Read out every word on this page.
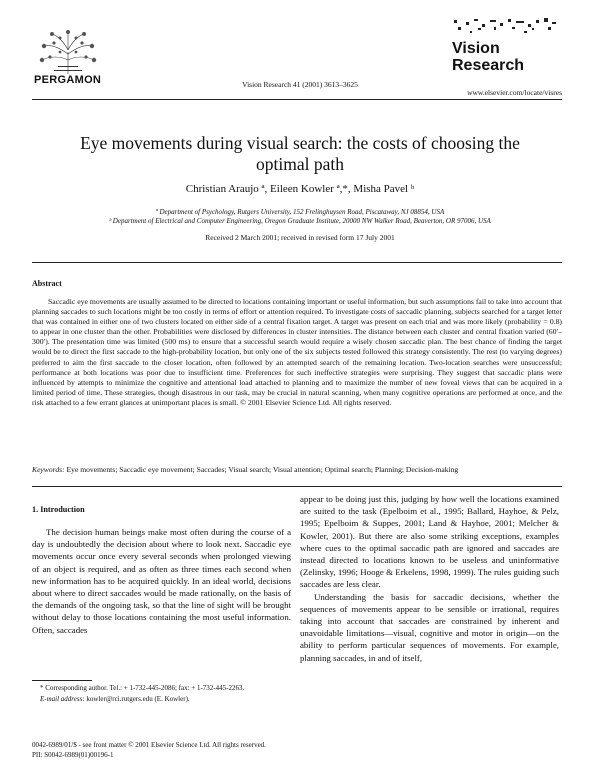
PERGAMON	Vision Research 41 (2001) 3613–3625
Vision
Research
www.elsevier.com/locate/visres
Eye movements during visual search: the costs of choosing the
optimal path
Christian Araujo ª, Eileen Kowler ª,*, Misha Pavel ᵇ
ª Department of Psychology, Rutgers University, 152 Frelinghuysen Road, Piscataway, NJ 08854, USA
ᵇ Department of Electrical and Computer Engineering, Oregon Graduate Institute, 20000 NW Walker Road, Beaverton, OR 97006, USA
Received 2 March 2001; received in revised form 17 July 2001
Abstract

Saccadic eye movements are usually assumed to be directed to locations containing important or useful information, but such assumptions fail to take into account that planning saccades to such locations might be too costly in terms of effort or attention required. To investigate costs of saccadic planning, subjects searched for a target letter that was contained in either one of two clusters located on either side of a central fixation target. A target was present on each trial and was more likely (probability = 0.8) to appear in one cluster than the other. Probabilities were disclosed by differences in cluster intensities. The distance between each cluster and central fixation varied (60′–300′). The presentation time was limited (500 ms) to ensure that a successful search would require a wisely chosen saccadic plan. The best chance of finding the target would be to direct the first saccade to the high-probability location, but only one of the six subjects tested followed this strategy consistently. The rest (to varying degrees) preferred to aim the first saccade to the closer location, often followed by an attempted search of the remaining location. Two-location searches were unsuccessful; performance at both locations was poor due to insufficient time. Preferences for such ineffective strategies were surprising. They suggest that saccadic plans were influenced by attempts to minimize the cognitive and attentional load attached to planning and to maximize the number of new foveal views that can be acquired in a limited period of time. These strategies, though disastrous in our task, may be crucial in natural scanning, when many cognitive operations are performed at once, and the risk attached to a few errant glances at unimportant places is small. © 2001 Elsevier Science Ltd. All rights reserved.

Keywords: Eye movements; Saccadic eye movement; Saccades; Visual search; Visual attention; Optimal search; Planning; Decision-making
1. Introduction

The decision human beings make most often during the course of a day is undoubtedly the decision about where to look next. Saccadic eye movements occur once every several seconds when prolonged viewing of an object is required, and as often as three times each second when new information has to be acquired quickly. In an ideal world, decisions about where to direct saccades would be made rationally, on the basis of the demands of the ongoing task, so that the line of sight will be brought without delay to those locations containing the most useful information. Often, saccades

appear to be doing just this, judging by how well the locations examined are suited to the task (Epelboim et al., 1995; Ballard, Hayhoe, & Pelz, 1995; Epelboim & Suppes, 2001; Land & Hayhoe, 2001; Melcher & Kowler, 2001). But there are also some striking exceptions, examples where cues to the optimal saccadic path are ignored and saccades are instead directed to locations known to be useless and uninformative (Zelinsky, 1996; Hooge & Erkelens, 1998, 1999). The rules guiding such saccades are less clear.

Understanding the basis for saccadic decisions, whether the sequences of movements appear to be sensible or irrational, requires taking into account that saccades are constrained by inherent and unavoidable limitations—visual, cognitive and motor in origin—on the ability to perform particular sequences of movements. For example, planning saccades, in and of itself,

* Corresponding author. Tel.: + 1-732-445-2086; fax: + 1-732-445-2263.

E-mail address: kowler@rci.rutgers.edu (E. Kowler).

0042-6989/01/$ - see front matter © 2001 Elsevier Science Ltd. All rights reserved.
PII: S0042-6989(01)00196-1
